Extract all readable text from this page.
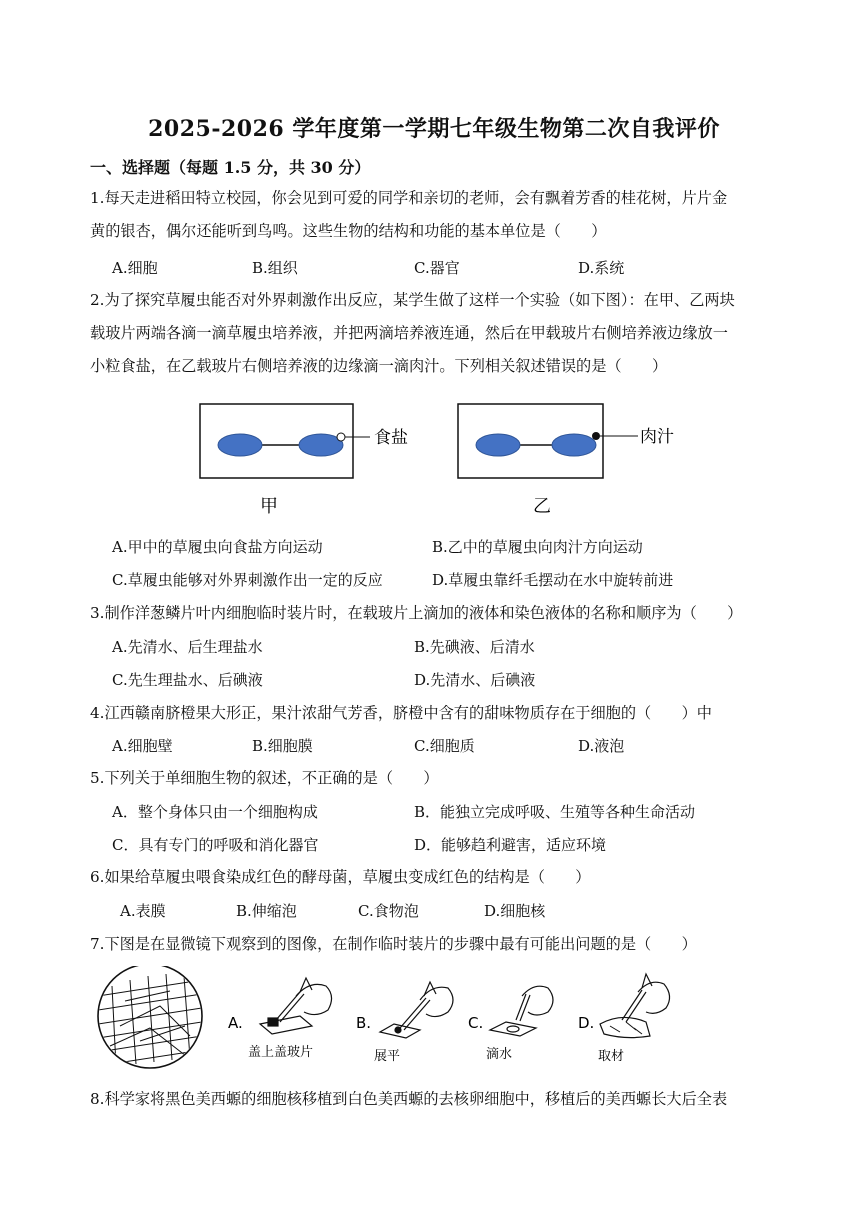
2025-2026 学年度第一学期七年级生物第二次自我评价
一、选择题（每题 1.5 分，共 30 分）
1.每天走进稻田特立校园，你会见到可爱的同学和亲切的老师，会有飘着芳香的桂花树，片片金
黄的银杏，偶尔还能听到鸟鸣。这些生物的结构和功能的基本单位是（　　）
A.细胞	B.组织	C.器官	D.系统
2.为了探究草履虫能否对外界刺激作出反应，某学生做了这样一个实验（如下图）：在甲、乙两块
载玻片两端各滴一滴草履虫培养液，并把两滴培养液连通，然后在甲载玻片右侧培养液边缘放一
小粒食盐，在乙载玻片右侧培养液的边缘滴一滴肉汁。下列相关叙述错误的是（　　）
食盐
甲
肉汁
乙
A.甲中的草履虫向食盐方向运动	B.乙中的草履虫向肉汁方向运动
C.草履虫能够对外界刺激作出一定的反应	D.草履虫靠纤毛摆动在水中旋转前进
3.制作洋葱鳞片叶内细胞临时装片时，在载玻片上滴加的液体和染色液体的名称和顺序为（　　）
A.先清水、后生理盐水	B.先碘液、后清水
C.先生理盐水、后碘液	D.先清水、后碘液
4.江西赣南脐橙果大形正，果汁浓甜气芳香，脐橙中含有的甜味物质存在于细胞的（　　）中
A.细胞壁	B.细胞膜	C.细胞质	D.液泡
5.下列关于单细胞生物的叙述，不正确的是（　　）
A．整个身体只由一个细胞构成	B．能独立完成呼吸、生殖等各种生命活动
C．具有专门的呼吸和消化器官	D．能够趋利避害，适应环境
6.如果给草履虫喂食染成红色的酵母菌，草履虫变成红色的结构是（　　）
A.表膜	B.伸缩泡	C.食物泡	D.细胞核
7.下图是在显微镜下观察到的图像，在制作临时装片的步骤中最有可能出问题的是（　　）
A.
盖上盖玻片
B.
展平
C.
滴水
D.
取材
8.科学家将黑色美西螈的细胞核移植到白色美西螈的去核卵细胞中，移植后的美西螈长大后全表
